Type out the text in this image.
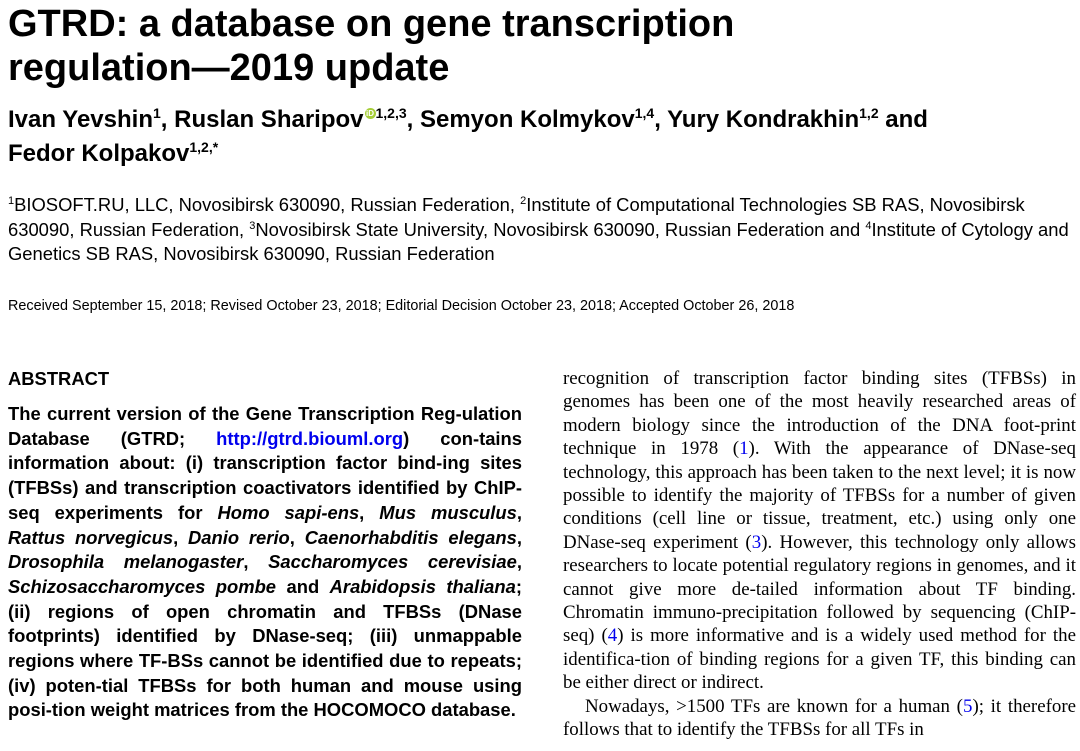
GTRD: a database on gene transcription
regulation—2019 update
Ivan Yevshin$^1$, Ruslan Sharipov iD $^{1,2,3}$, Semyon Kolmykov$^{1,4}$, Yury Kondrakhin$^{1,2}$ and
Fedor Kolpakov$^{1,2,*}$
$^1$BIOSOFT.RU, LLC, Novosibirsk 630090, Russian Federation, $^2$Institute of Computational Technologies SB RAS, Novosibirsk 630090, Russian Federation, $^3$Novosibirsk State University, Novosibirsk 630090, Russian Federation and $^4$Institute of Cytology and Genetics SB RAS, Novosibirsk 630090, Russian Federation
Received September 15, 2018; Revised October 23, 2018; Editorial Decision October 23, 2018; Accepted October 26, 2018
ABSTRACT
The current version of the Gene Transcription Reg-ulation Database (GTRD; http://gtrd.biouml.org) con-tains information about: (i) transcription factor bind-ing sites (TFBSs) and transcription coactivators identified by ChIP-seq experiments for Homo sapi-ens, Mus musculus, Rattus norvegicus, Danio rerio, Caenorhabditis elegans, Drosophila melanogaster, Saccharomyces cerevisiae, Schizosaccharomyces pombe and Arabidopsis thaliana; (ii) regions of open chromatin and TFBSs (DNase footprints) identified by DNase-seq; (iii) unmappable regions where TF-BSs cannot be identified due to repeats; (iv) poten-tial TFBSs for both human and mouse using posi-tion weight matrices from the HOCOMOCO database.

recognition of transcription factor binding sites (TFBSs) in genomes has been one of the most heavily researched areas of modern biology since the introduction of the DNA foot-print technique in 1978 (1). With the appearance of DNase-seq technology, this approach has been taken to the next level; it is now possible to identify the majority of TFBSs for a number of given conditions (cell line or tissue, treatment, etc.) using only one DNase-seq experiment (3). However, this technology only allows researchers to locate potential regulatory regions in genomes, and it cannot give more de-tailed information about TF binding. Chromatin immuno-precipitation followed by sequencing (ChIP-seq) (4) is more informative and is a widely used method for the identifica-tion of binding regions for a given TF, this binding can be either direct or indirect.

Nowadays, >1500 TFs are known for a human (5); it therefore follows that to identify the TFBSs for all TFs in
